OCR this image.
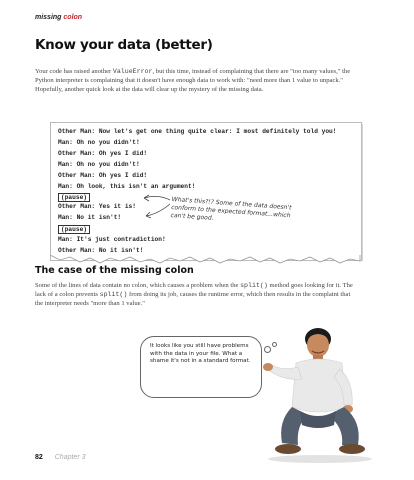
missing colon
Know your data (better)

Your code has raised another ValueError, but this time, instead of complaining that there are "too many values," the Python interpreter is complaining that it doesn't have enough data to work with: "need more than 1 value to unpack." Hopefully, another quick look at the data will clear up the mystery of the missing data.

Other Man: Now let's get one thing quite clear: I most definitely told you!
Man: Oh no you didn't!
Other Man: Oh yes I did!
Man: Oh no you didn't!
Other Man: Oh yes I did!
Man: Oh look, this isn't an argument!
(pause)
Other Man: Yes it is!
Man: No it isn't!
(pause)
Man: It's just contradiction!
Other Man: No it isn't!
What's this?!? Some of the data doesn't conform to the expected format...which can't be good.
The case of the missing colon

Some of the lines of data contain no colon, which causes a problem when the split() method goes looking for it. The lack of a colon prevents split() from doing its job, causes the runtime error, which then results in the complaint that the interpreter needs "more than 1 value."

It looks like you still have problems with the data in your file. What a shame it's not in a standard format.

82 Chapter 3
